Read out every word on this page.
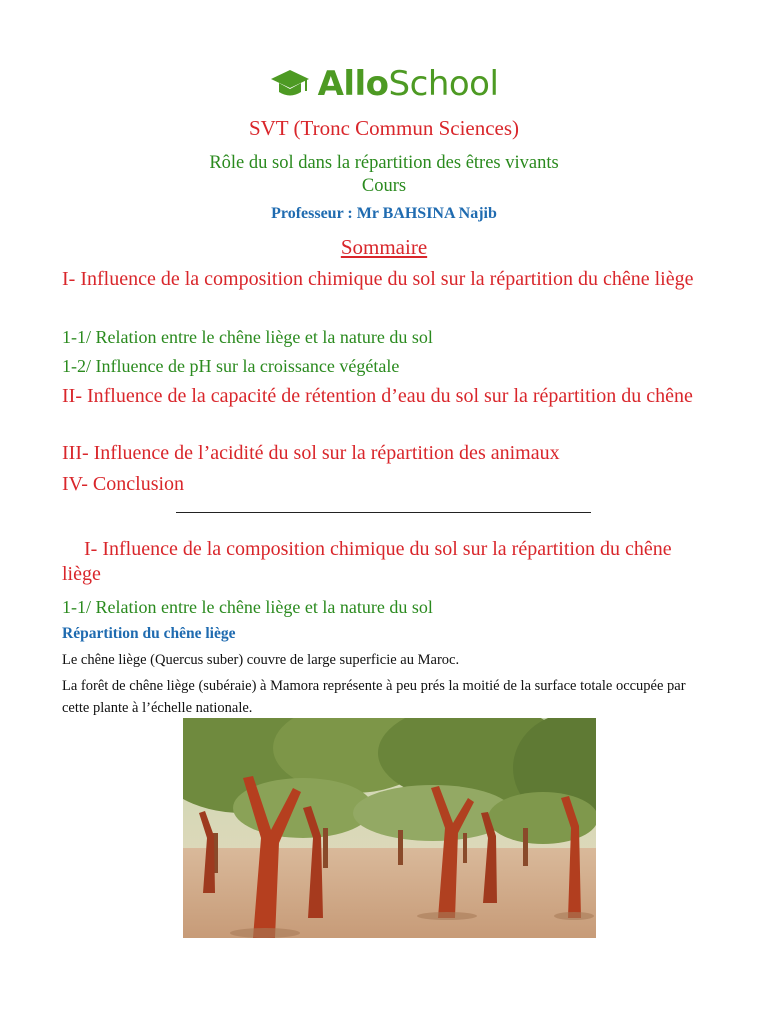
AlloSchool
SVT (Tronc Commun Sciences)
Rôle du sol dans la répartition des êtres vivants
Cours
Professeur : Mr BAHSINA Najib
Sommaire
I- Influence de la composition chimique du sol sur la répartition du chêne liège
1-1/ Relation entre le chêne liège et la nature du sol
1-2/ Influence de pH sur la croissance végétale
II- Influence de la capacité de rétention d’eau du sol sur la répartition du chêne
III- Influence de l’acidité du sol sur la répartition des animaux
IV- Conclusion
I- Influence de la composition chimique du sol sur la répartition du chêne liège
1-1/ Relation entre le chêne liège et la nature du sol
Répartition du chêne liège
Le chêne liège (Quercus suber) couvre de large superficie au Maroc.
La forêt de chêne liège (subéraie) à Mamora représente à peu prés la moitié de la surface totale occupée par cette plante à l’échelle nationale.
